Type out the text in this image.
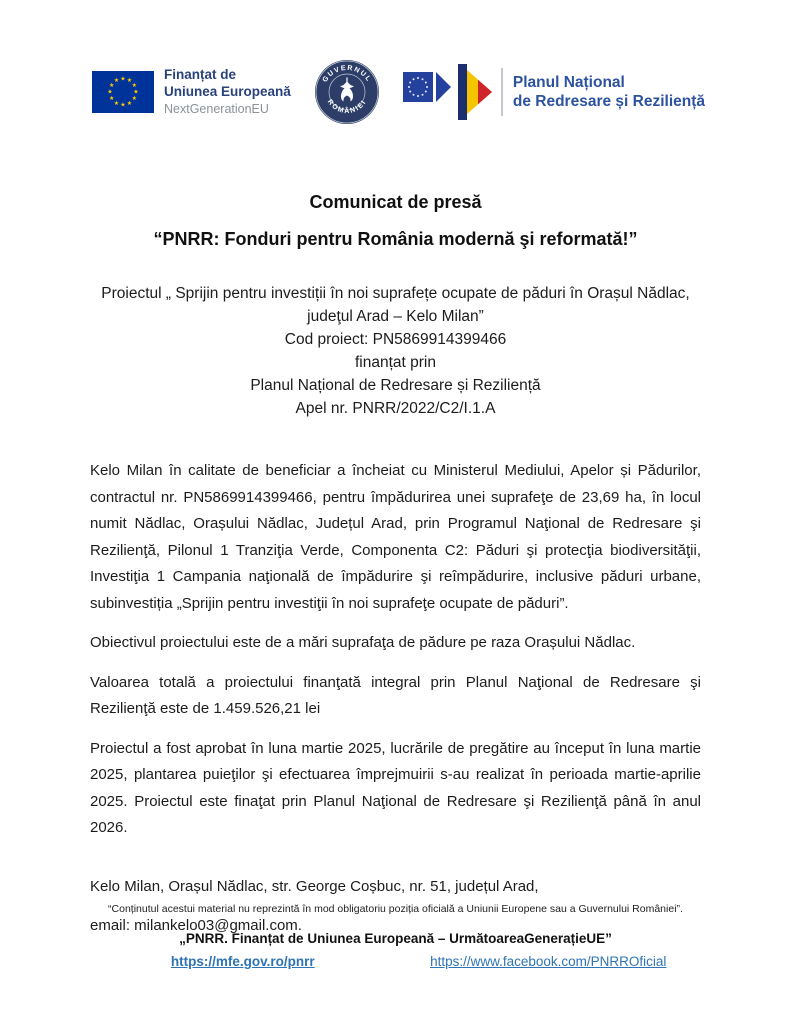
★ ★
★
★
★
★
★
★
★
★
★
★	Finanțat de
Uniunea Europeană
NextGenerationEU
GUVERNUL
ROMÂNIEI
Planul Național
de Redresare și Reziliență
Comunicat de presă
“PNRR: Fonduri pentru România modernă şi reformată!”
Proiectul „ Sprijin pentru investiții în noi suprafețe ocupate de păduri în Orașul Nădlac, judeţul Arad – Kelo Milan”
Cod proiect: PN5869914399466
finanțat prin
Planul Național de Redresare și Reziliență
Apel nr. PNRR/2022/C2/I.1.A

Kelo Milan în calitate de beneficiar a încheiat cu Ministerul Mediului, Apelor și Pădurilor, contractul nr. PN5869914399466, pentru împădurirea unei suprafeţe de 23,69 ha, în locul numit Nădlac, Orașului Nădlac, Județul Arad, prin Programul Naţional de Redresare şi Rezilienţă, Pilonul 1 Tranziţia Verde, Componenta C2: Păduri şi protecţia biodiversităţii, Investiţia 1 Campania naţională de împădurire şi reîmpădurire, inclusive păduri urbane, subinvestiția „Sprijin pentru investiţii în noi suprafeţe ocupate de păduri”.

Obiectivul proiectului este de a mări suprafaţa de pădure pe raza Orașului Nădlac.

Valoarea totală a proiectului finanţată integral prin Planul Naţional de Redresare şi Rezilienţă este de 1.459.526,21 lei

Proiectul a fost aprobat în luna martie 2025, lucrările de pregătire au început în luna martie 2025, plantarea puieţilor şi efectuarea împrejmuirii s-au realizat în perioada martie-aprilie 2025. Proiectul este finaţat prin Planul Naţional de Redresare şi Rezilienţă până în anul 2026.

Kelo Milan, Orașul Nădlac, str. George Coșbuc, nr. 51, județul Arad,

email: milankelo03@gmail.com.

“Conținutul acestui material nu reprezintă în mod obligatoriu poziția oficială a Uniunii Europene sau a Guvernului României”.
„PNRR. Finanțat de Uniunea Europeană – UrmătoareaGenerațieUE”
https://mfe.gov.ro/pnrr	https://www.facebook.com/PNRROficial
